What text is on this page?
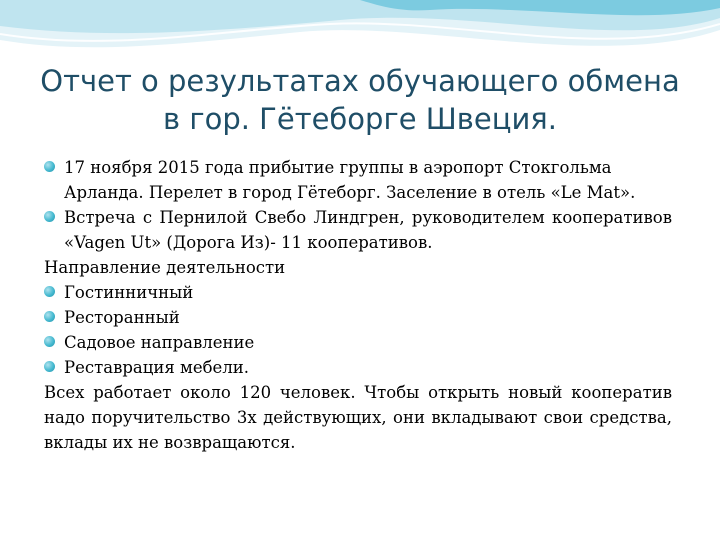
Отчет о результатах обучающего обмена
в гор. Гётеборге Швеция.
17 ноября 2015 года прибытие группы в аэропорт Стокгольма Арланда. Перелет в город Гётеборг. Заселение в отель «Le Mat».
Встреча с Пернилой Свебо Линдгрен, руководителем кооперативов «Vagen Ut» (Дорога Из)- 11 кооперативов.
Направление деятельности
Гостинничный
Ресторанный
Садовое направление
Реставрация мебели.
Всех работает около 120 человек. Чтобы открыть новый кооператив надо поручительство 3х действующих, они вкладывают свои средства, вклады их не возвращаются.
